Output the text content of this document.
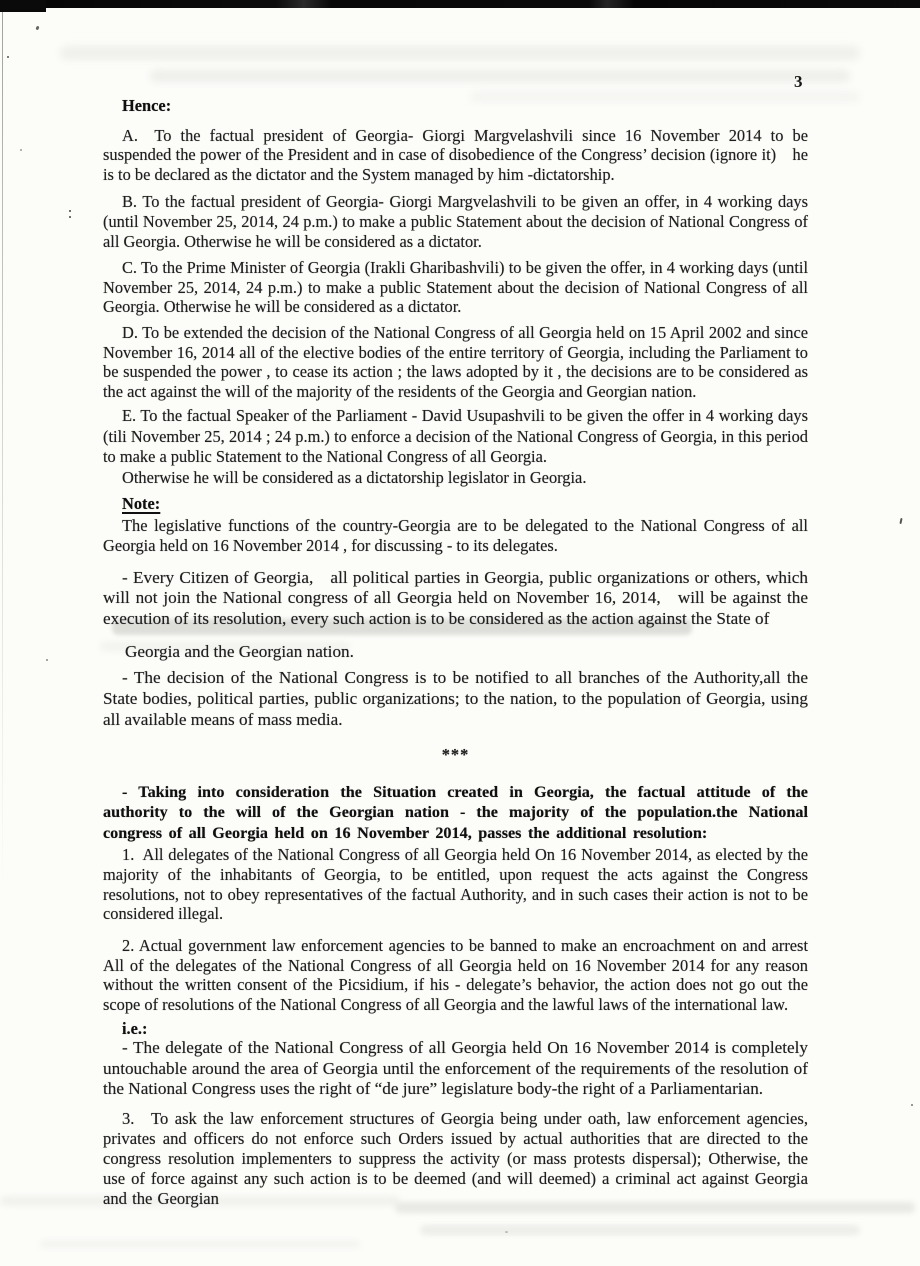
3

Hence:

A.  To the factual president of Georgia- Giorgi Margvelashvili since 16 November 2014 to be suspended the power of the President and in case of disobedience of the Congress’ decision (ignore it)  he is to be declared as the dictator and the System managed by him -dictatorship.

B. To the factual president of Georgia- Giorgi Margvelashvili to be given an offer, in 4 working days (until November 25, 2014, 24 p.m.) to make a public Statement about the decision of National Congress of all Georgia. Otherwise he will be considered as a dictator.

C. To the Prime Minister of Georgia (Irakli Gharibashvili) to be given the offer, in 4 working days (until November 25, 2014, 24 p.m.) to make a public Statement about the decision of National Congress of all Georgia. Otherwise he will be considered as a dictator.

D. To be extended the decision of the National Congress of all Georgia held on 15 April 2002 and since November 16, 2014 all of the elective bodies of the entire territory of Georgia, including the Parliament to be suspended the power , to cease its action ; the laws adopted by it , the decisions are to be considered as the act against the will of the majority of the residents of the Georgia and Georgian nation.

E. To the factual Speaker of the Parliament - David Usupashvili to be given the offer in 4 working days (tili November 25, 2014 ; 24 p.m.) to enforce a decision of the National Congress of Georgia, in this period to make a public Statement to the National Congress of all Georgia.

Otherwise he will be considered as a dictatorship legislator in Georgia.

Note:

The legislative functions of the country-Georgia are to be delegated to the National Congress of all Georgia held on 16 November 2014 , for discussing - to its delegates.

- Every Citizen of Georgia,  all political parties in Georgia, public organizations or others, which will not join the National congress of all Georgia held on November 16, 2014,  will be against the execution of its resolution, every such action is to be considered as the action against the State of

Georgia and the Georgian nation.

- The decision of the National Congress is to be notified to all branches of the Authority,all the State bodies, political parties, public organizations; to the nation, to the population of Georgia, using all available means of mass media.

***

- Taking into consideration the Situation created in Georgia, the factual attitude of the authority to the will of the Georgian nation - the majority of the population.the National congress of all Georgia held on 16 November 2014, passes the additional resolution:

1. All delegates of the National Congress of all Georgia held On 16 November 2014, as elected by the majority of the inhabitants of Georgia, to be entitled, upon request the acts against the Congress resolutions, not to obey representatives of the factual Authority, and in such cases their action is not to be considered illegal.

2. Actual government law enforcement agencies to be banned to make an encroachment on and arrest All of the delegates of the National Congress of all Georgia held on 16 November 2014 for any reason without the written consent of the Picsidium, if his - delegate’s behavior, the action does not go out the scope of resolutions of the National Congress of all Georgia and the lawful laws of the international law.

i.e.:

- The delegate of the National Congress of all Georgia held On 16 November 2014 is completely untouchable around the area of Georgia until the enforcement of the requirements of the resolution of the National Congress uses the right of “de jure” legislature body-the right of a Parliamentarian.

3.  To ask the law enforcement structures of Georgia being under oath, law enforcement agencies, privates and officers do not enforce such Orders issued by actual authorities that are directed to the congress resolution implementers to suppress the activity (or mass protests dispersal); Otherwise, the use of force against any such action is to be deemed (and will deemed) a criminal act against Georgia and the Georgian
